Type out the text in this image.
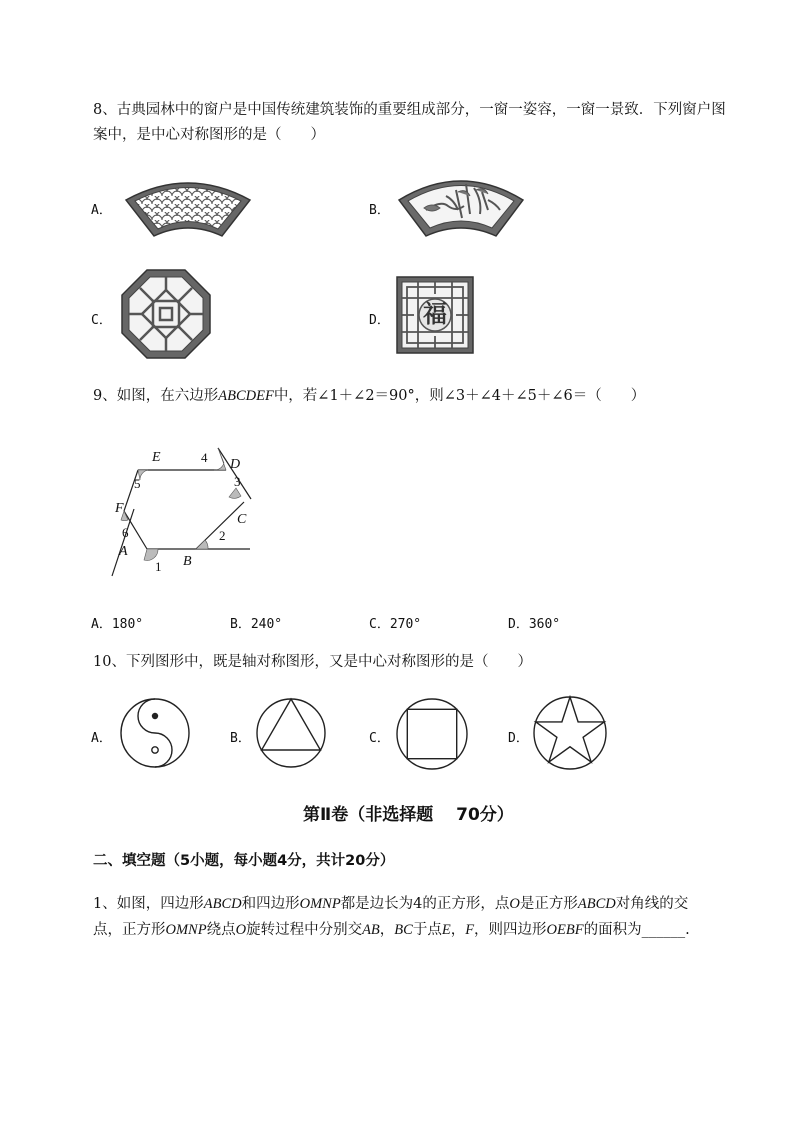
8、古典园林中的窗户是中国传统建筑装饰的重要组成部分，一窗一姿容，一窗一景致．下列窗户图
案中，是中心对称图形的是（　　）
A．	B．
C．	D． 福
9、如图，在六边形ABCDEF中，若∠1＋∠2＝90°，则∠3＋∠4＋∠5＋∠6＝（　　）
A
B
C
D
E
F
1
2
3
4
5
6
A．180°	B．240°	C．270°	D．360°
10、下列图形中，既是轴对称图形，又是中心对称图形的是（　　）
A．	B．	C．	D．
第Ⅱ卷（非选择题　 70分）
二、填空题（5小题，每小题4分，共计20分）
1、如图，四边形ABCD和四边形OMNP都是边长为4的正方形，点O是正方形ABCD对角线的交
点，正方形OMNP绕点O旋转过程中分别交AB，BC于点E，F，则四边形OEBF的面积为______.
